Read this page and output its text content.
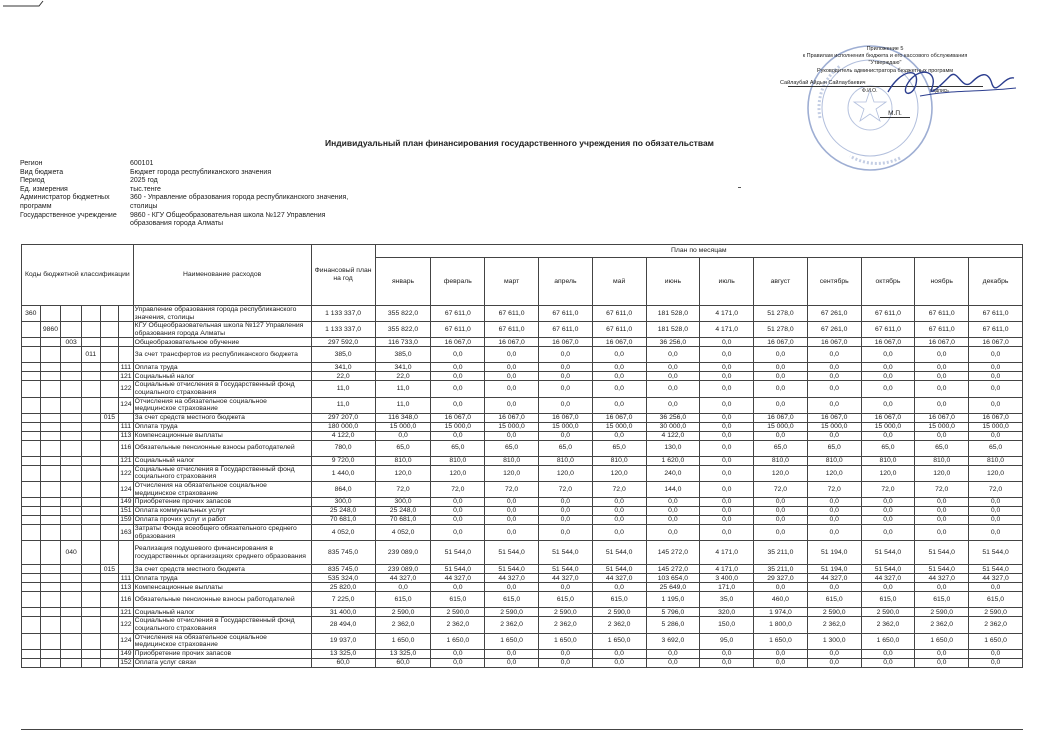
Приложение 5
к Правилам исполнения бюджета и его кассового обслуживания
"Утверждаю"
Руководитель администратора бюджетных программ
Сайлаубай Айдын Сайлаубаевич
Ф.И.О.	подпись
М.П.
Индивидуальный план финансирования государственного учреждения по обязательствам
Регион	600101
Вид бюджета	Бюджет города республиканского значения
Период	2025 год
Ед. измерения	тыс.тенге
Администратор бюджетных программ
360 - Управление образования города республиканского значения, столицы
Государственное учреждение	9860 - КГУ Общеобразовательная школа №127 Управления образования города Алматы
Коды бюджетной классификации						Наименование расходов	Финансовый план на год	План по месяцам											
								январь	февраль	март	апрель	май	июнь	июль	август	сентябрь	октябрь	ноябрь	декабрь
360						Управление образования города республиканского значения, столицы	1 133 337,0	355 822,0	67 611,0	67 611,0	67 611,0	67 611,0	181 528,0	4 171,0	51 278,0	67 261,0	67 611,0	67 611,0	67 611,0
	9860					КГУ Общеобразовательная школа №127 Управления образования города Алматы	1 133 337,0	355 822,0	67 611,0	67 611,0	67 611,0	67 611,0	181 528,0	4 171,0	51 278,0	67 261,0	67 611,0	67 611,0	67 611,0
		003				Общеобразовательное обучение	297 592,0	116 733,0	16 067,0	16 067,0	16 067,0	16 067,0	36 256,0	0,0	16 067,0	16 067,0	16 067,0	16 067,0	16 067,0
			011			За счет трансфертов из республиканского бюджета	385,0	385,0	0,0	0,0	0,0	0,0	0,0	0,0	0,0	0,0	0,0	0,0	0,0
					111	Оплата труда	341,0	341,0	0,0	0,0	0,0	0,0	0,0	0,0	0,0	0,0	0,0	0,0	0,0
					121	Социальный налог	22,0	22,0	0,0	0,0	0,0	0,0	0,0	0,0	0,0	0,0	0,0	0,0	0,0
					122	Социальные отчисления в Государственный фонд социального страхования	11,0	11,0	0,0	0,0	0,0	0,0	0,0	0,0	0,0	0,0	0,0	0,0	0,0
					124	Отчисления на обязательное социальное медицинское страхование	11,0	11,0	0,0	0,0	0,0	0,0	0,0	0,0	0,0	0,0	0,0	0,0	0,0
				015		За счет средств местного бюджета	297 207,0	116 348,0	16 067,0	16 067,0	16 067,0	16 067,0	36 256,0	0,0	16 067,0	16 067,0	16 067,0	16 067,0	16 067,0
					111	Оплата труда	180 000,0	15 000,0	15 000,0	15 000,0	15 000,0	15 000,0	30 000,0	0,0	15 000,0	15 000,0	15 000,0	15 000,0	15 000,0
					113	Компенсационные выплаты	4 122,0	0,0	0,0	0,0	0,0	0,0	4 122,0	0,0	0,0	0,0	0,0	0,0	0,0
					116	Обязательные пенсионные взносы работодателей	780,0	65,0	65,0	65,0	65,0	65,0	130,0	0,0	65,0	65,0	65,0	65,0	65,0
					121	Социальный налог	9 720,0	810,0	810,0	810,0	810,0	810,0	1 620,0	0,0	810,0	810,0	810,0	810,0	810,0
					122	Социальные отчисления в Государственный фонд социального страхования	1 440,0	120,0	120,0	120,0	120,0	120,0	240,0	0,0	120,0	120,0	120,0	120,0	120,0
					124	Отчисления на обязательное социальное медицинское страхование	864,0	72,0	72,0	72,0	72,0	72,0	144,0	0,0	72,0	72,0	72,0	72,0	72,0
					149	Приобретение прочих запасов	300,0	300,0	0,0	0,0	0,0	0,0	0,0	0,0	0,0	0,0	0,0	0,0	0,0
					151	Оплата коммунальных услуг	25 248,0	25 248,0	0,0	0,0	0,0	0,0	0,0	0,0	0,0	0,0	0,0	0,0	0,0
					159	Оплата прочих услуг и работ	70 681,0	70 681,0	0,0	0,0	0,0	0,0	0,0	0,0	0,0	0,0	0,0	0,0	0,0
					163	Затраты Фонда всеобщего обязательного среднего образования	4 052,0	4 052,0	0,0	0,0	0,0	0,0	0,0	0,0	0,0	0,0	0,0	0,0	0,0
		040				Реализация подушевого финансирования в государственных организациях среднего образования	835 745,0	239 089,0	51 544,0	51 544,0	51 544,0	51 544,0	145 272,0	4 171,0	35 211,0	51 194,0	51 544,0	51 544,0	51 544,0
				015		За счет средств местного бюджета	835 745,0	239 089,0	51 544,0	51 544,0	51 544,0	51 544,0	145 272,0	4 171,0	35 211,0	51 194,0	51 544,0	51 544,0	51 544,0
					111	Оплата труда	535 324,0	44 327,0	44 327,0	44 327,0	44 327,0	44 327,0	103 654,0	3 400,0	29 327,0	44 327,0	44 327,0	44 327,0	44 327,0
					113	Компенсационные выплаты	25 820,0	0,0	0,0	0,0	0,0	0,0	25 649,0	171,0	0,0	0,0	0,0	0,0	0,0
					116	Обязательные пенсионные взносы работодателей	7 225,0	615,0	615,0	615,0	615,0	615,0	1 195,0	35,0	460,0	615,0	615,0	615,0	615,0
					121	Социальный налог	31 400,0	2 590,0	2 590,0	2 590,0	2 590,0	2 590,0	5 796,0	320,0	1 974,0	2 590,0	2 590,0	2 590,0	2 590,0
					122	Социальные отчисления в Государственный фонд социального страхования	28 494,0	2 362,0	2 362,0	2 362,0	2 362,0	2 362,0	5 286,0	150,0	1 800,0	2 362,0	2 362,0	2 362,0	2 362,0
					124	Отчисления на обязательное социальное медицинское страхование	19 937,0	1 650,0	1 650,0	1 650,0	1 650,0	1 650,0	3 692,0	95,0	1 650,0	1 300,0	1 650,0	1 650,0	1 650,0
					149	Приобретение прочих запасов	13 325,0	13 325,0	0,0	0,0	0,0	0,0	0,0	0,0	0,0	0,0	0,0	0,0	0,0
					152	Оплата услуг связи	60,0	60,0	0,0	0,0	0,0	0,0	0,0	0,0	0,0	0,0	0,0	0,0	0,0
